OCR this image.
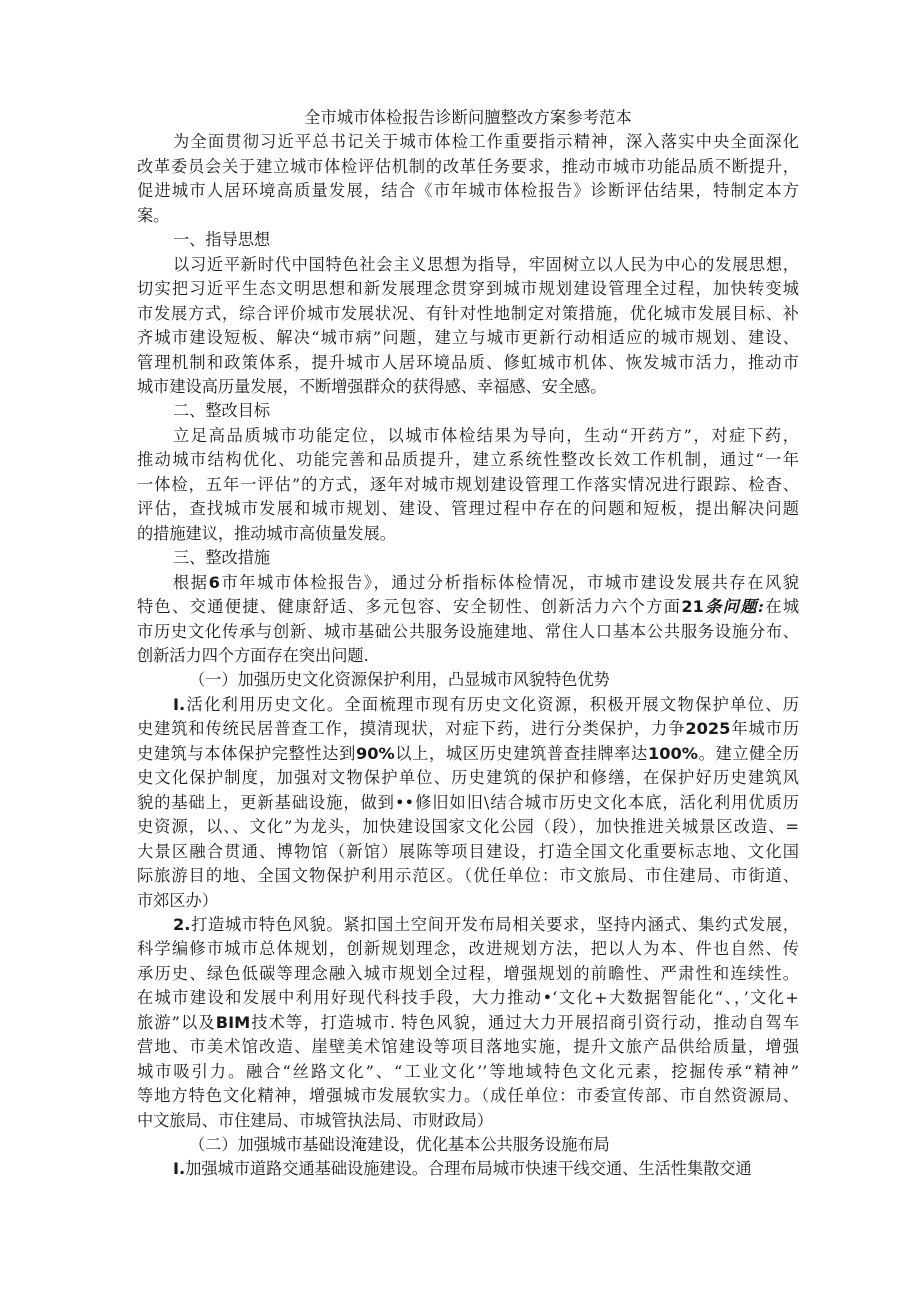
全市城市体检报告诊断问膻整改方案参考范本
为全面贯彻习近平总书记关于城市体检工作重要指示精神，深入落实中央全面深化
改革委员会关于建立城市体检评估机制的改革任务要求，推动市城市功能品质不断提升，
促进城市人居环境高质量发展，结合《市年城市体检报告》诊断评估结果，特制定本方
案。
一、指导思想
以习近平新时代中国特色社会主义思想为指导，牢固树立以人民为中心的发展思想，
切实把习近平生态文明思想和新发展理念贯穿到城市规划建设管理全过程，加快转变城
市发展方式，综合评价城市发展状况、有针对性地制定对策措施，优化城市发展目标、补
齐城市建设短板、解决“城市病”问题，建立与城市更新行动相适应的城市规划、建设、
管理机制和政策体系，提升城市人居环境品质、修虹城市机体、恢发城市活力，推动市
城市建设高历量发展，不断增强群众的获得感、幸福感、安全感。
二、整改目标
立足高品质城市功能定位，以城市体检结果为导向，生动“开药方”，对症下药，
推动城市结构优化、功能完善和品质提升，建立系统性整改长效工作机制，通过“一年
一体检，五年一评估”的方式，逐年对城市规划建设管理工作落实情况进行跟踪、检杳、
评估，查找城市发展和城市规划、建设、管理过程中存在的问题和短板，提出解决问题
的措施建议，推动城市高侦量发展。
三、整改措施
根据6市年城市体检报告》，通过分析指标体检情况，市城市建设发展共存在风貌
特色、交通便捷、健康舒适、多元包容、安全韧性、创新活力六个方面21条问题:在城
市历史文化传承与创新、城市基础公共服务设施建地、常住人口基本公共服务设施分布、
创新活力四个方面存在突出问题.
（一）加强历史文化资源保护利用，凸显城市风貌特色优势
I.活化利用历史文化。全面梳理市现有历史文化资源，积极开展文物保护单位、历
史建筑和传统民居普查工作，摸清现状，对症下药，进行分类保护，力争2025年城市历
史建筑与本体保护完整性达到90%以上，城区历史建筑普查挂牌率达100%。建立健全历
史文化保护制度，加强对文物保护单位、历史建筑的保护和修缮，在保护好历史建筑风
貌的基础上，更新基础设施，做到••修旧如旧\结合城市历史文化本底，活化利用优质历
史资源，以、、文化”为龙头，加快建设国家文化公园（段），加快推进关城景区改造、=
大景区融合贯通、博物馆（新馆）展陈等项目建设，打造全国文化重要标志地、文化国
际旅游目的地、全国文物保护利用示范区。（优任单位：市文旅局、市住建局、市街道、
市郊区办）
2.打造城市特色风貌。紧扣国土空间开发布局相关要求，坚持内涵式、集约式发展，
科学编修市城市总体规划，创新规划理念，改进规划方法，把以人为本、件也自然、传
承历史、绿色低碳等理念融入城市规划全过程，增强规划的前瞻性、严肃性和连续性。
在城市建设和发展中利用好现代科技手段，大力推动•‘文化+大数据智能化“、，’文化+
旅游”以及BIM技术等，打造城市. 特色风貌，通过大力开展招商引资行动，推动自驾车
营地、市美术馆改造、崖壁美术馆建设等项目落地实施，提升文旅产品供给质量，增强
城市吸引力。融合“丝路文化”、“工业文化’’等地域特色文化元素，挖掘传承“精神”
等地方特色文化精神，增强城市发展软实力。（成任单位：市委宣传部、市自然资源局、
中文旅局、市住建局、市城管执法局、市财政局）
（二）加强城市基础设淹建设，优化基本公共服务设施布局
I.加强城市道路交通基础设施建设。合理布局城市快速干线交通、生活性集散交通
